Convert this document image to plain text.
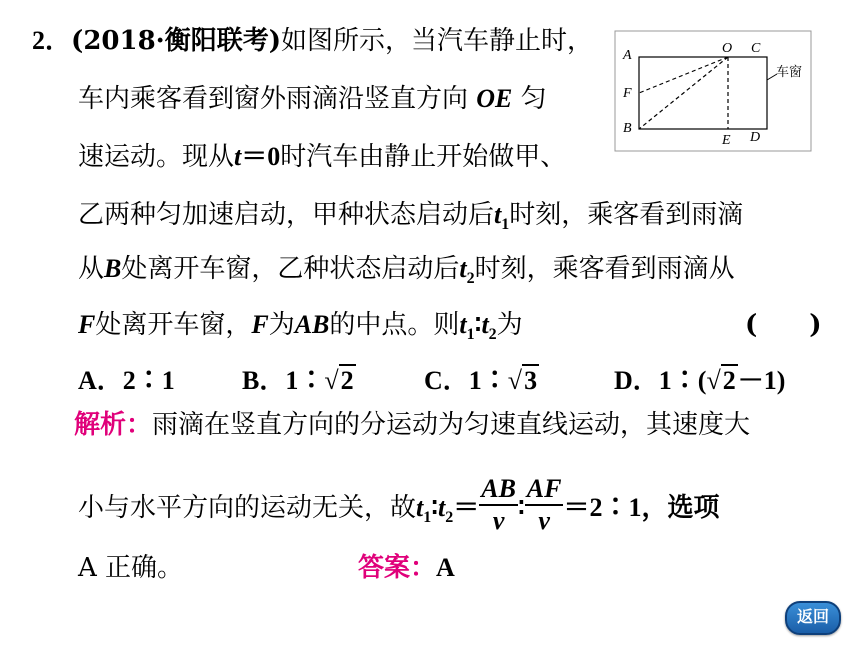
2．(2018·衡阳联考)如图所示，当汽车静止时，
车内乘客看到窗外雨滴沿竖直方向 OE 匀
速运动。现从t＝0时汽车由静止开始做甲、
乙两种匀加速启动，甲种状态启动后$t_1$时刻，乘客看到雨滴
从B处离开车窗，乙种状态启动后$t_2$时刻，乘客看到雨滴从
F处离开车窗，F为AB的中点。则$t_1∶t_2$为	(　　)
A．2∶1	B．1∶√2	C．1∶√3	D．1∶(√2－1)
解析：雨滴在竖直方向的分运动为匀速直线运动，其速度大
小与水平方向的运动无关，故$t_1∶t_2= \frac{AB}{v}$ ∶ $\frac{AF}{v}$ ＝2∶1，选项
A 正确。	答案：A
A	O C
F
B
E D
车窗
返回
